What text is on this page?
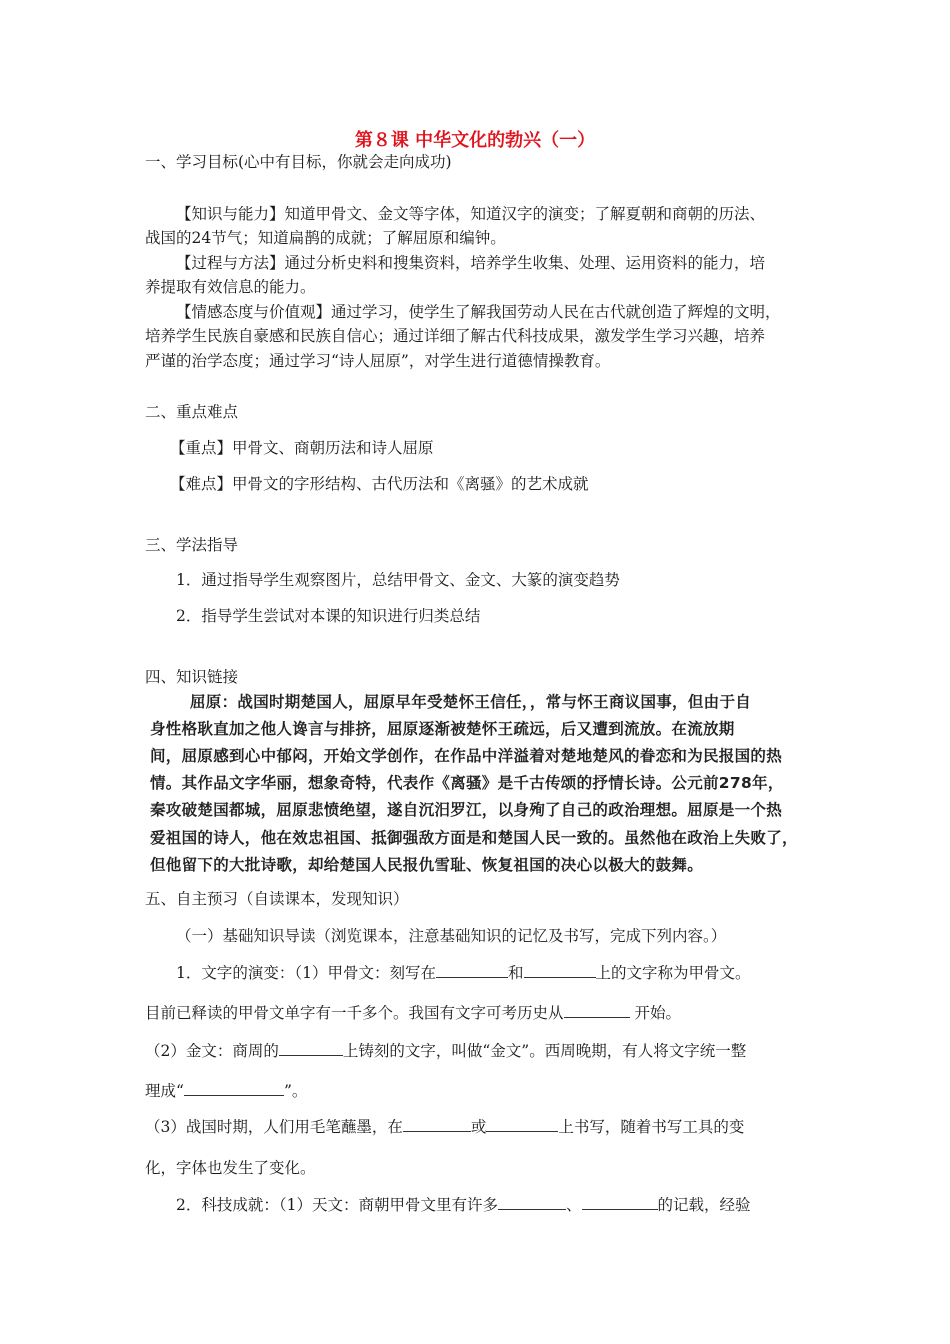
第８课 中华文化的勃兴（一）
一、学习目标(心中有目标，你就会走向成功)
【知识与能力】知道甲骨文、金文等字体，知道汉字的演变；了解夏朝和商朝的历法、
战国的24节气；知道扁鹊的成就；了解屈原和编钟。
【过程与方法】通过分析史料和搜集资料，培养学生收集、处理、运用资料的能力，培
养提取有效信息的能力。
【情感态度与价值观】通过学习，使学生了解我国劳动人民在古代就创造了辉煌的文明，
培养学生民族自豪感和民族自信心；通过详细了解古代科技成果，激发学生学习兴趣，培养
严谨的治学态度；通过学习“诗人屈原”，对学生进行道德情操教育。
二、重点难点
【重点】甲骨文、商朝历法和诗人屈原
【难点】甲骨文的字形结构、古代历法和《离骚》的艺术成就
三、学法指导
1．通过指导学生观察图片，总结甲骨文、金文、大篆的演变趋势
2．指导学生尝试对本课的知识进行归类总结
四、知识链接
屈原：战国时期楚国人，屈原早年受楚怀王信任，，常与怀王商议国事，但由于自
身性格耿直加之他人谗言与排挤，屈原逐渐被楚怀王疏远，后又遭到流放。在流放期
间，屈原感到心中郁闷，开始文学创作，在作品中洋溢着对楚地楚风的眷恋和为民报国的热
情。其作品文字华丽，想象奇特，代表作《离骚》是千古传颂的抒情长诗。公元前278年，
秦攻破楚国都城，屈原悲愤绝望，遂自沉汨罗江，以身殉了自己的政治理想。屈原是一个热
爱祖国的诗人，他在效忠祖国、抵御强敌方面是和楚国人民一致的。虽然他在政治上失败了，
但他留下的大批诗歌，却给楚国人民报仇雪耻、恢复祖国的决心以极大的鼓舞。
五、自主预习（自读课本，发现知识）
（一）基础知识导读（浏览课本，注意基础知识的记忆及书写，完成下列内容。）
1．文字的演变：（1）甲骨文：刻写在	和	上的文字称为甲骨文。
目前已释读的甲骨文单字有一千多个。我国有文字可考历史从	开始。
（2）金文：商周的	上铸刻的文字，叫做“金文”。西周晚期，有人将文字统一整
理成“	”。
（3）战国时期，人们用毛笔蘸墨，在	或	上书写，随着书写工具的变
化，字体也发生了变化。
2．科技成就：（1）天文：商朝甲骨文里有许多	、	的记载，经验
